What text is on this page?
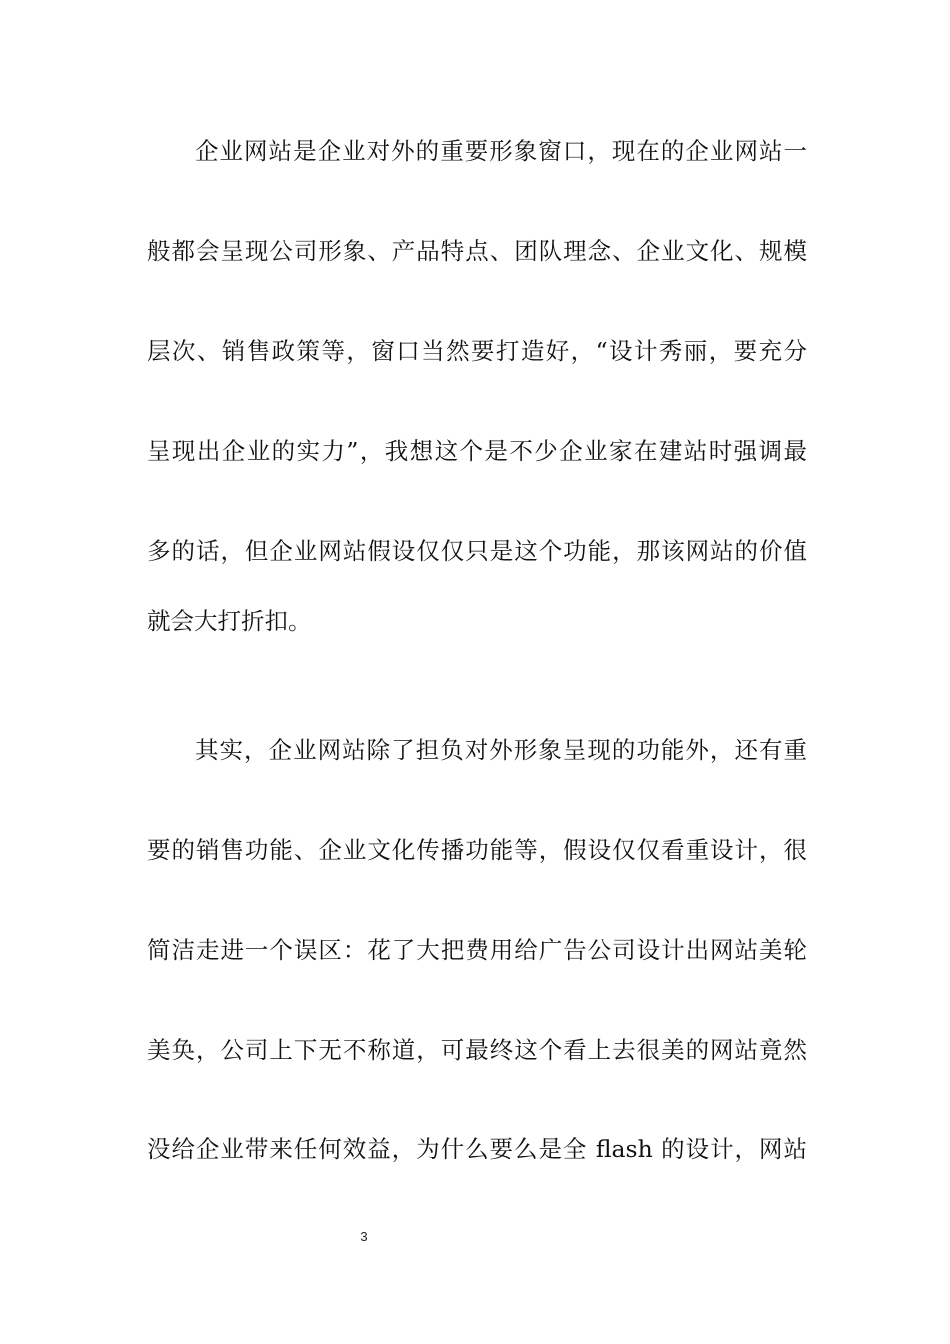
企业网站是企业对外的重要形象窗口，现在的企业网站一
般都会呈现公司形象、产品特点、团队理念、企业文化、规模
层次、销售政策等，窗口当然要打造好，“设计秀丽，要充分
呈现出企业的实力”，我想这个是不少企业家在建站时强调最
多的话，但企业网站假设仅仅只是这个功能，那该网站的价值
就会大打折扣。
其实，企业网站除了担负对外形象呈现的功能外，还有重
要的销售功能、企业文化传播功能等，假设仅仅看重设计，很
简洁走进一个误区：花了大把费用给广告公司设计出网站美轮
美奂，公司上下无不称道，可最终这个看上去很美的网站竟然
没给企业带来任何效益，为什么要么是全 flash 的设计，网站
3
